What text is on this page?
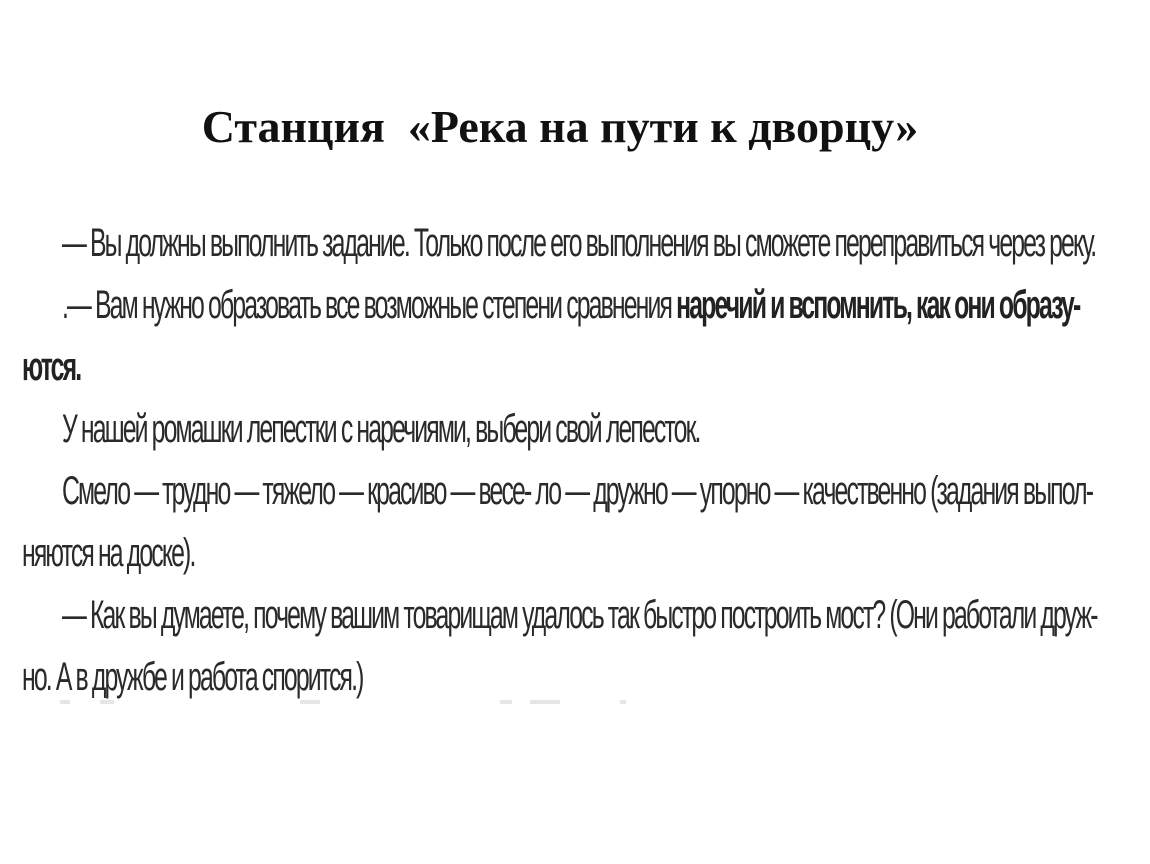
Станция  «Река на пути к дворцу»
— Вы должны выполнить задание. Только после его выполнения вы сможете переправиться через реку.
.— Вам нужно образовать все возможные степени сравнения наречий и вспомнить, как они образу-
ются.
У нашей ромашки лепестки с наречиями, выбери свой лепесток.
Смело — трудно — тяжело — красиво — весе- ло — дружно — упорно — качественно (задания выпол-
няются на доске).
— Как вы думаете, почему вашим товарищам удалось так быстро построить мост? (Они работали друж-
но. А в дружбе и работа спорится.)
